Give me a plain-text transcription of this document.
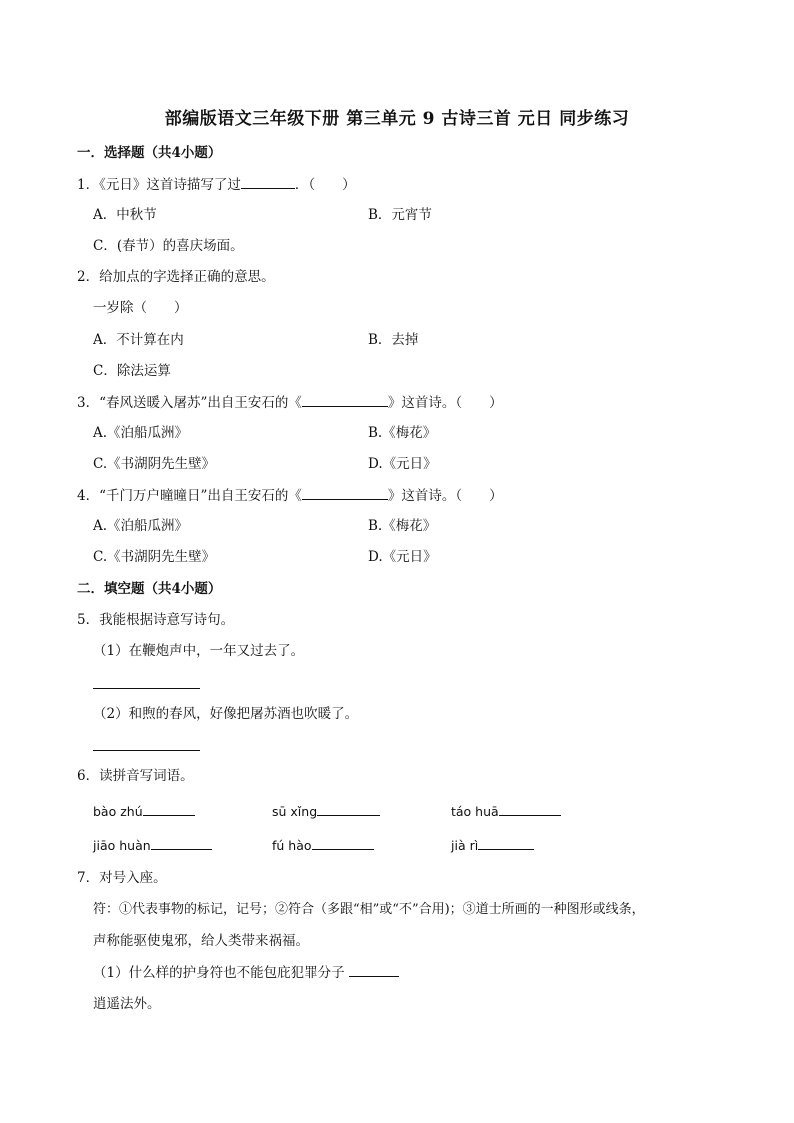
部编版语文三年级下册 第三单元 9 古诗三首 元日 同步练习
一．选择题（共4小题）
1．《元日》这首诗描写了过	．（　　）
A．中秋节	B．元宵节
C．(春节）的喜庆场面。
2．给加点的字选择正确的意思。
一岁除（　　）
A．不计算在内	B．去掉
C．除法运算
3．“春风送暖入屠苏”出自王安石的《	》这首诗。（　　）
A.《泊船瓜洲》	B.《梅花》
C.《书湖阴先生壁》	D.《元日》
4．“千门万户曈曈日”出自王安石的《	》这首诗。（　　）
A.《泊船瓜洲》	B.《梅花》
C.《书湖阴先生壁》	D.《元日》
二．填空题（共4小题）
5．我能根据诗意写诗句。
（1）在鞭炮声中，一年又过去了。
（2）和煦的春风，好像把屠苏酒也吹暖了。
6．读拼音写词语。
bào zhú	sū xǐng	táo huā
jiāo huàn	fú hào	jià rì
7．对号入座。
符：①代表事物的标记，记号；②符合（多跟“相”或“不”合用)；③道士所画的一种图形或线条，
声称能驱使鬼邪，给人类带来祸福。
（1）什么样的护身符也不能包庇犯罪分子
逍遥法外。
